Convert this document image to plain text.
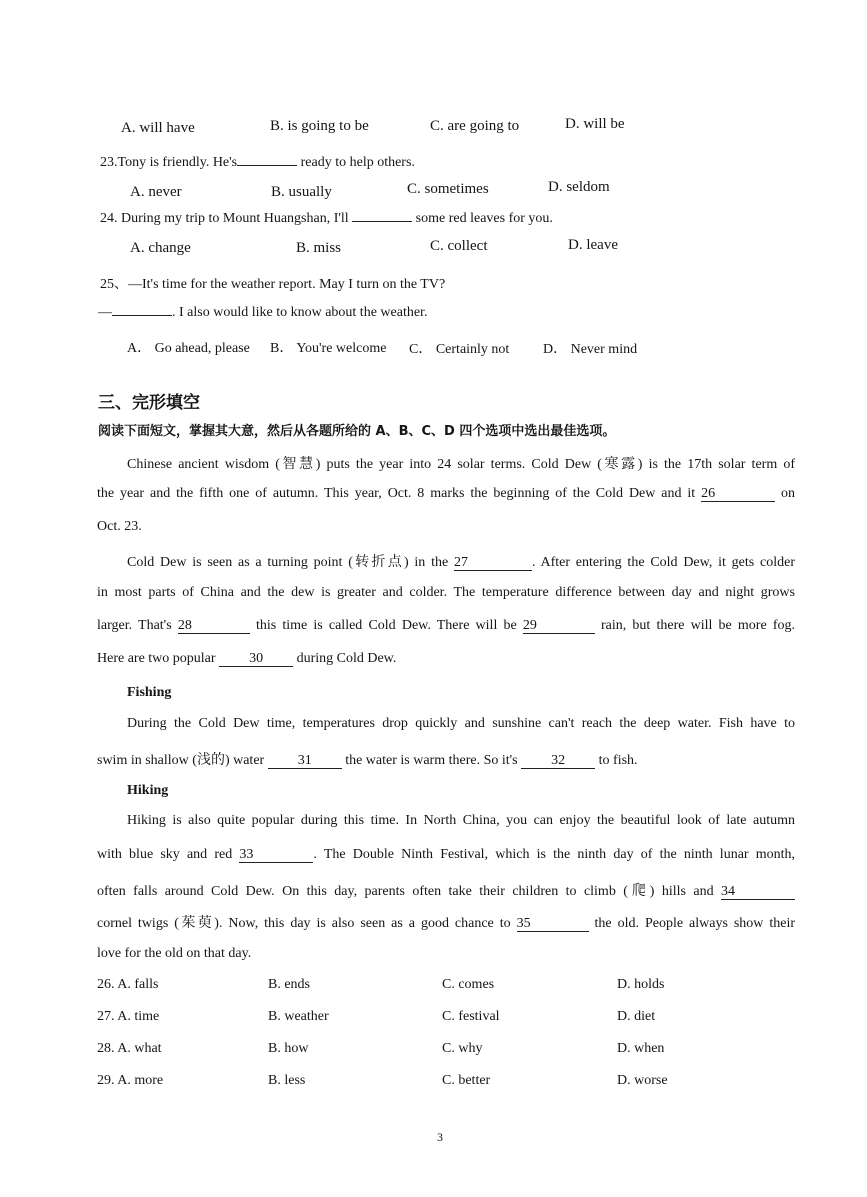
A. will have	B. is going to be	C. are going to	D. will be
23.Tony is friendly. He's	ready to help others.
A. never	B. usually	C. sometimes	D. seldom
24. During my trip to Mount Huangshan, I'll	some red leaves for you.
A. change	B. miss	C. collect	D. leave
25、—It's time for the weather report. May I turn on the TV?
—	. I also would like to know about the weather.
A． Go ahead, please B． You're welcome C． Certainly not D． Never mind
三、完形填空
阅读下面短文，掌握其大意，然后从各题所给的 A、B、C、D 四个选项中选出最佳选项。
Chinese ancient wisdom (智慧) puts the year into 24 solar terms. Cold Dew (寒露) is the 17th solar term of
the year and the fifth one of autumn. This year, Oct. 8 marks the beginning of the Cold Dew and it 26	on
Oct. 23.
Cold Dew is seen as a turning point (转折点) in the 27	. After entering the Cold Dew, it gets colder
in most parts of China and the dew is greater and colder. The temperature difference between day and night grows
larger. That's 28	this time is called Cold Dew. There will be 29	rain, but there will be more fog.
Here are two popular 30 during Cold Dew.
Fishing
During the Cold Dew time, temperatures drop quickly and sunshine can't reach the deep water. Fish have to
swim in shallow (浅的) water 31 the water is warm there. So it's 32 to fish.
Hiking
Hiking is also quite popular during this time. In North China, you can enjoy the beautiful look of late autumn
with blue sky and red 33	. The Double Ninth Festival, which is the ninth day of the ninth lunar month,
often falls around Cold Dew. On this day, parents often take their children to climb (爬) hills and 34
cornel twigs (茱萸). Now, this day is also seen as a good chance to 35	the old. People always show their
love for the old on that day.
26. A. falls	B. ends	C. comes	D. holds
27. A. time	B. weather	C. festival	D. diet
28. A. what	B. how	C. why	D. when
29. A. more	B. less	C. better	D. worse
3
